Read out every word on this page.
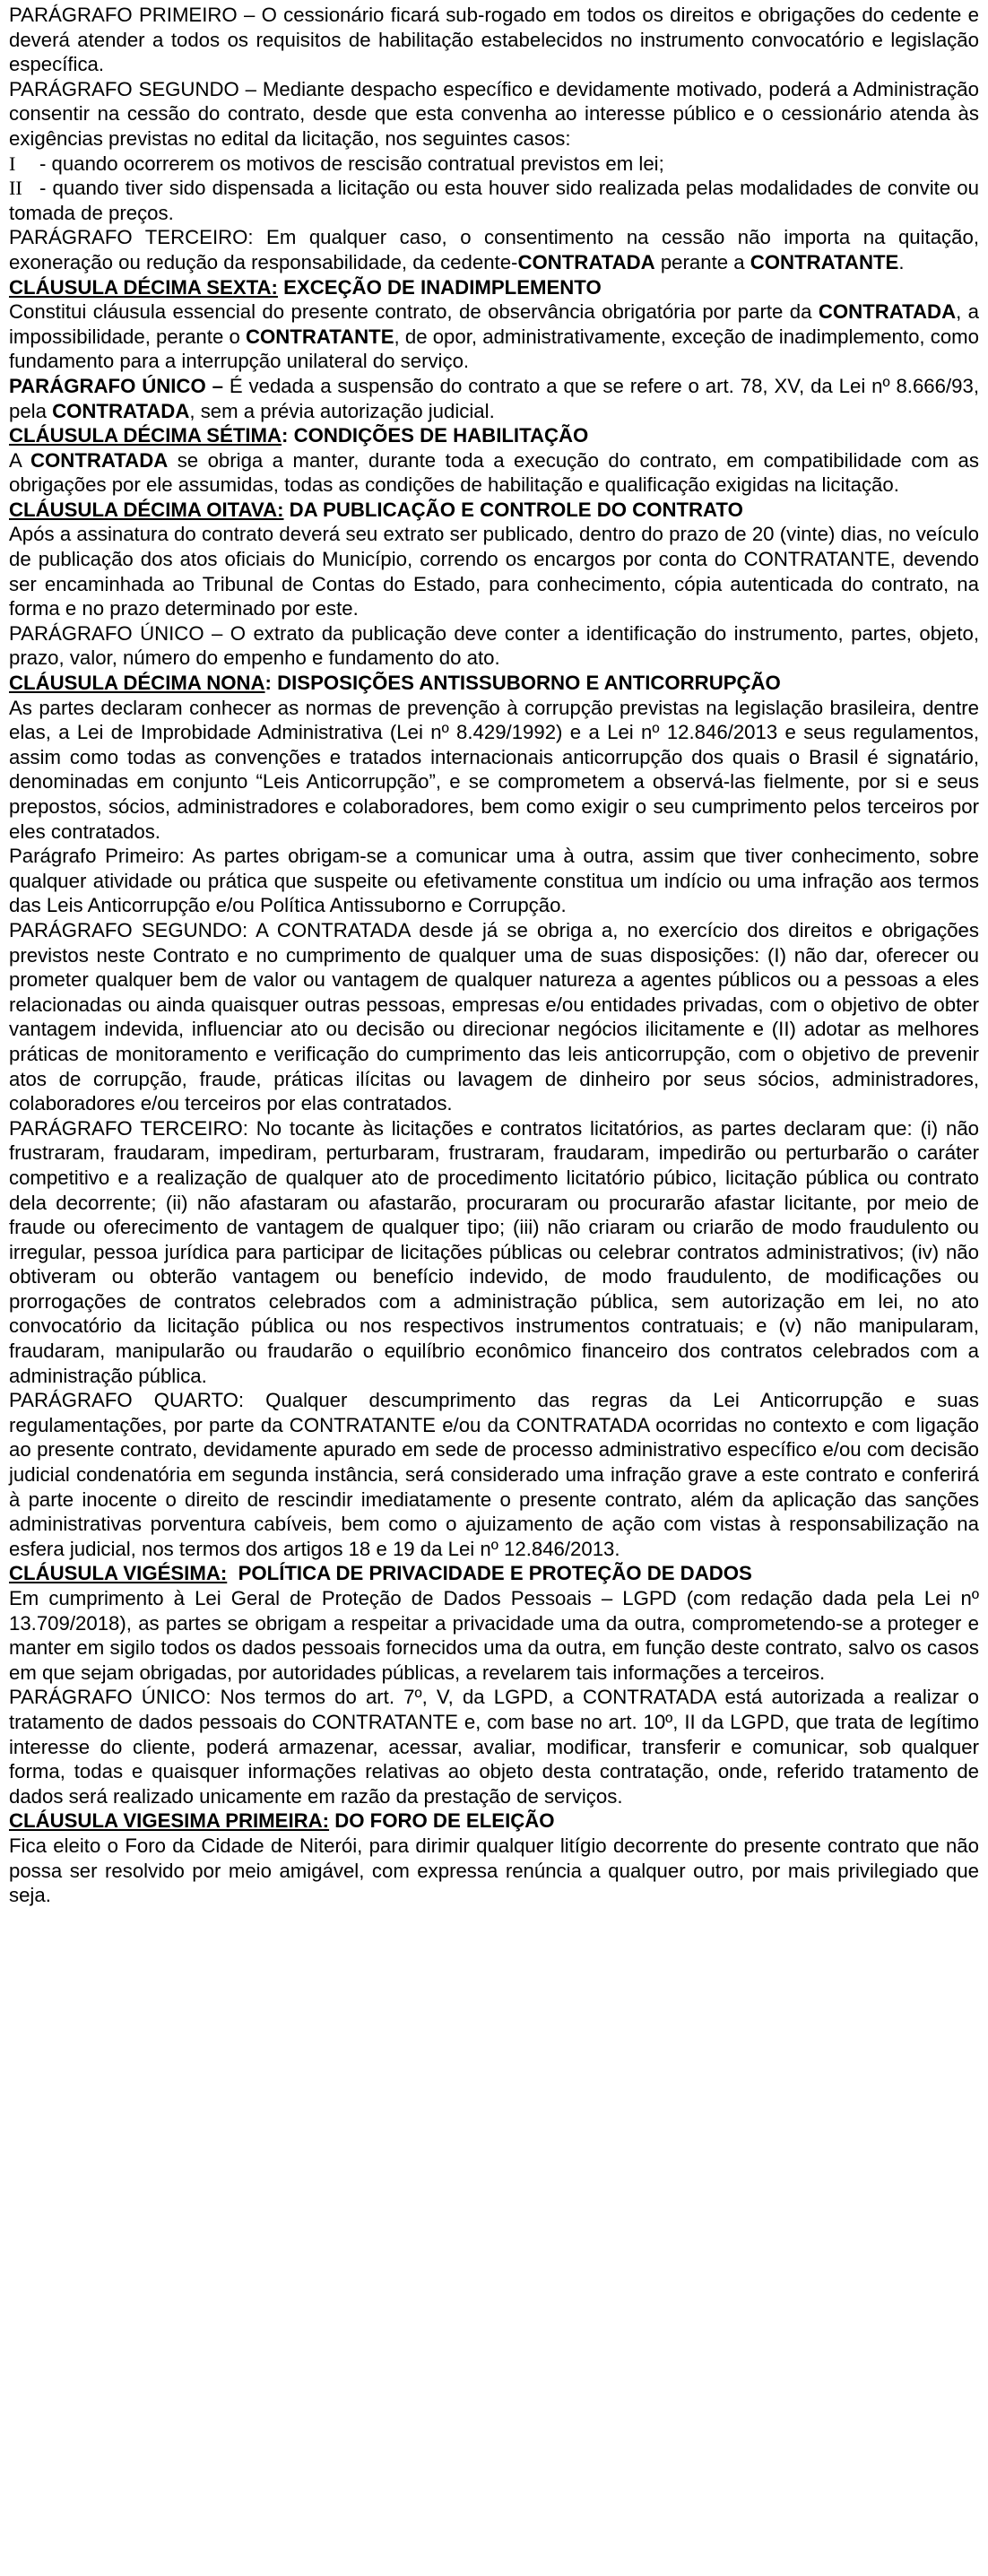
PARÁGRAFO PRIMEIRO – O cessionário ficará sub-rogado em todos os direitos e obrigações do cedente e deverá atender a todos os requisitos de habilitação estabelecidos no instrumento convocatório e legislação específica.

PARÁGRAFO SEGUNDO – Mediante despacho específico e devidamente motivado, poderá a Administração consentir na cessão do contrato, desde que esta convenha ao interesse público e o cessionário atenda às exigências previstas no edital da licitação, nos seguintes casos:

I - quando ocorrerem os motivos de rescisão contratual previstos em lei;

II - quando tiver sido dispensada a licitação ou esta houver sido realizada pelas modalidades de convite ou tomada de preços.

PARÁGRAFO TERCEIRO: Em qualquer caso, o consentimento na cessão não importa na quitação, exoneração ou redução da responsabilidade, da cedente-CONTRATADA perante a CONTRATANTE.

CLÁUSULA DÉCIMA SEXTA: EXCEÇÃO DE INADIMPLEMENTO

Constitui cláusula essencial do presente contrato, de observância obrigatória por parte da CONTRATADA, a impossibilidade, perante o CONTRATANTE, de opor, administrativamente, exceção de inadimplemento, como fundamento para a interrupção unilateral do serviço.

PARÁGRAFO ÚNICO – É vedada a suspensão do contrato a que se refere o art. 78, XV, da Lei nº 8.666/93, pela CONTRATADA, sem a prévia autorização judicial.

CLÁUSULA DÉCIMA SÉTIMA: CONDIÇÕES DE HABILITAÇÃO

A CONTRATADA se obriga a manter, durante toda a execução do contrato, em compatibilidade com as obrigações por ele assumidas, todas as condições de habilitação e qualificação exigidas na licitação.

CLÁUSULA DÉCIMA OITAVA: DA PUBLICAÇÃO E CONTROLE DO CONTRATO

Após a assinatura do contrato deverá seu extrato ser publicado, dentro do prazo de 20 (vinte) dias, no veículo de publicação dos atos oficiais do Município, correndo os encargos por conta do CONTRATANTE, devendo ser encaminhada ao Tribunal de Contas do Estado, para conhecimento, cópia autenticada do contrato, na forma e no prazo determinado por este.

PARÁGRAFO ÚNICO – O extrato da publicação deve conter a identificação do instrumento, partes, objeto, prazo, valor, número do empenho e fundamento do ato.

CLÁUSULA DÉCIMA NONA: DISPOSIÇÕES ANTISSUBORNO E ANTICORRUPÇÃO

As partes declaram conhecer as normas de prevenção à corrupção previstas na legislação brasileira, dentre elas, a Lei de Improbidade Administrativa (Lei nº 8.429/1992) e a Lei nº 12.846/2013 e seus regulamentos, assim como todas as convenções e tratados internacionais anticorrupção dos quais o Brasil é signatário, denominadas em conjunto “Leis Anticorrupção”, e se comprometem a observá-las fielmente, por si e seus prepostos, sócios, administradores e colaboradores, bem como exigir o seu cumprimento pelos terceiros por eles contratados.

Parágrafo Primeiro: As partes obrigam-se a comunicar uma à outra, assim que tiver conhecimento, sobre qualquer atividade ou prática que suspeite ou efetivamente constitua um indício ou uma infração aos termos das Leis Anticorrupção e/ou Política Antissuborno e Corrupção.

PARÁGRAFO SEGUNDO: A CONTRATADA desde já se obriga a, no exercício dos direitos e obrigações previstos neste Contrato e no cumprimento de qualquer uma de suas disposições: (I) não dar, oferecer ou prometer qualquer bem de valor ou vantagem de qualquer natureza a agentes públicos ou a pessoas a eles relacionadas ou ainda quaisquer outras pessoas, empresas e/ou entidades privadas, com o objetivo de obter vantagem indevida, influenciar ato ou decisão ou direcionar negócios ilicitamente e (II) adotar as melhores práticas de monitoramento e verificação do cumprimento das leis anticorrupção, com o objetivo de prevenir atos de corrupção, fraude, práticas ilícitas ou lavagem de dinheiro por seus sócios, administradores, colaboradores e/ou terceiros por elas contratados.

PARÁGRAFO TERCEIRO: No tocante às licitações e contratos licitatórios, as partes declaram que: (i) não frustraram, fraudaram, impediram, perturbaram, frustraram, fraudaram, impedirão ou perturbarão o caráter competitivo e a realização de qualquer ato de procedimento licitatório púbico, licitação pública ou contrato dela decorrente; (ii) não afastaram ou afastarão, procuraram ou procurarão afastar licitante, por meio de fraude ou oferecimento de vantagem de qualquer tipo; (iii) não criaram ou criarão de modo fraudulento ou irregular, pessoa jurídica para participar de licitações públicas ou celebrar contratos administrativos; (iv) não obtiveram ou obterão vantagem ou benefício indevido, de modo fraudulento, de modificações ou prorrogações de contratos celebrados com a administração pública, sem autorização em lei, no ato convocatório da licitação pública ou nos respectivos instrumentos contratuais; e (v) não manipularam, fraudaram, manipularão ou fraudarão o equilíbrio econômico financeiro dos contratos celebrados com a administração pública.

PARÁGRAFO QUARTO: Qualquer descumprimento das regras da Lei Anticorrupção e suas regulamentações, por parte da CONTRATANTE e/ou da CONTRATADA ocorridas no contexto e com ligação ao presente contrato, devidamente apurado em sede de processo administrativo específico e/ou com decisão judicial condenatória em segunda instância, será considerado uma infração grave a este contrato e conferirá à parte inocente o direito de rescindir imediatamente o presente contrato, além da aplicação das sanções administrativas porventura cabíveis, bem como o ajuizamento de ação com vistas à responsabilização na esfera judicial, nos termos dos artigos 18 e 19 da Lei nº 12.846/2013.

CLÁUSULA VIGÉSIMA:  POLÍTICA DE PRIVACIDADE E PROTEÇÃO DE DADOS

Em cumprimento à Lei Geral de Proteção de Dados Pessoais – LGPD (com redação dada pela Lei nº 13.709/2018), as partes se obrigam a respeitar a privacidade uma da outra, comprometendo-se a proteger e manter em sigilo todos os dados pessoais fornecidos uma da outra, em função deste contrato, salvo os casos em que sejam obrigadas, por autoridades públicas, a revelarem tais informações a terceiros.

PARÁGRAFO ÚNICO: Nos termos do art. 7º, V, da LGPD, a CONTRATADA está autorizada a realizar o tratamento de dados pessoais do CONTRATANTE e, com base no art. 10º, II da LGPD, que trata de legítimo interesse do cliente, poderá armazenar, acessar, avaliar, modificar, transferir e comunicar, sob qualquer forma, todas e quaisquer informações relativas ao objeto desta contratação, onde, referido tratamento de dados será realizado unicamente em razão da prestação de serviços.

CLÁUSULA VIGESIMA PRIMEIRA: DO FORO DE ELEIÇÃO

Fica eleito o Foro da Cidade de Niterói, para dirimir qualquer litígio decorrente do presente contrato que não possa ser resolvido por meio amigável, com expressa renúncia a qualquer outro, por mais privilegiado que seja.
